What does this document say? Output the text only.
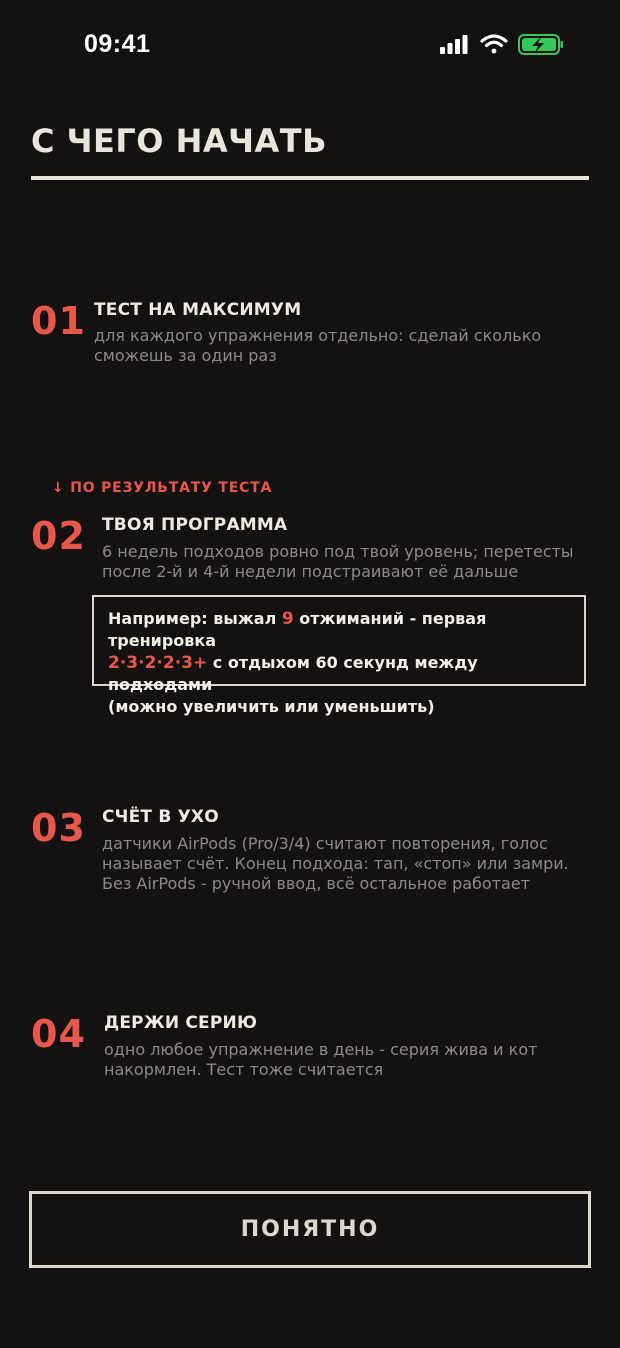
09:41
С ЧЕГО НАЧАТЬ
01 ТЕСТ НА МАКСИМУМ
для каждого упражнения отдельно: сделай сколько
сможешь за один раз
↓ ПО РЕЗУЛЬТАТУ ТЕСТА
02 ТВОЯ ПРОГРАММА
6 недель подходов ровно под твой уровень; перетесты
после 2-й и 4-й недели подстраивают её дальше
Например: выжал 9 отжиманий - первая тренировка
2·3·2·2·3+ с отдыхом 60 секунд между подходами
(можно увеличить или уменьшить)
03 СЧЁТ В УХО
датчики AirPods (Pro/3/4) считают повторения, голос
называет счёт. Конец подхода: тап, «стоп» или замри.
Без AirPods - ручной ввод, всё остальное работает
04 ДЕРЖИ СЕРИЮ
одно любое упражнение в день - серия жива и кот
накормлен. Тест тоже считается
ПОНЯТНО
